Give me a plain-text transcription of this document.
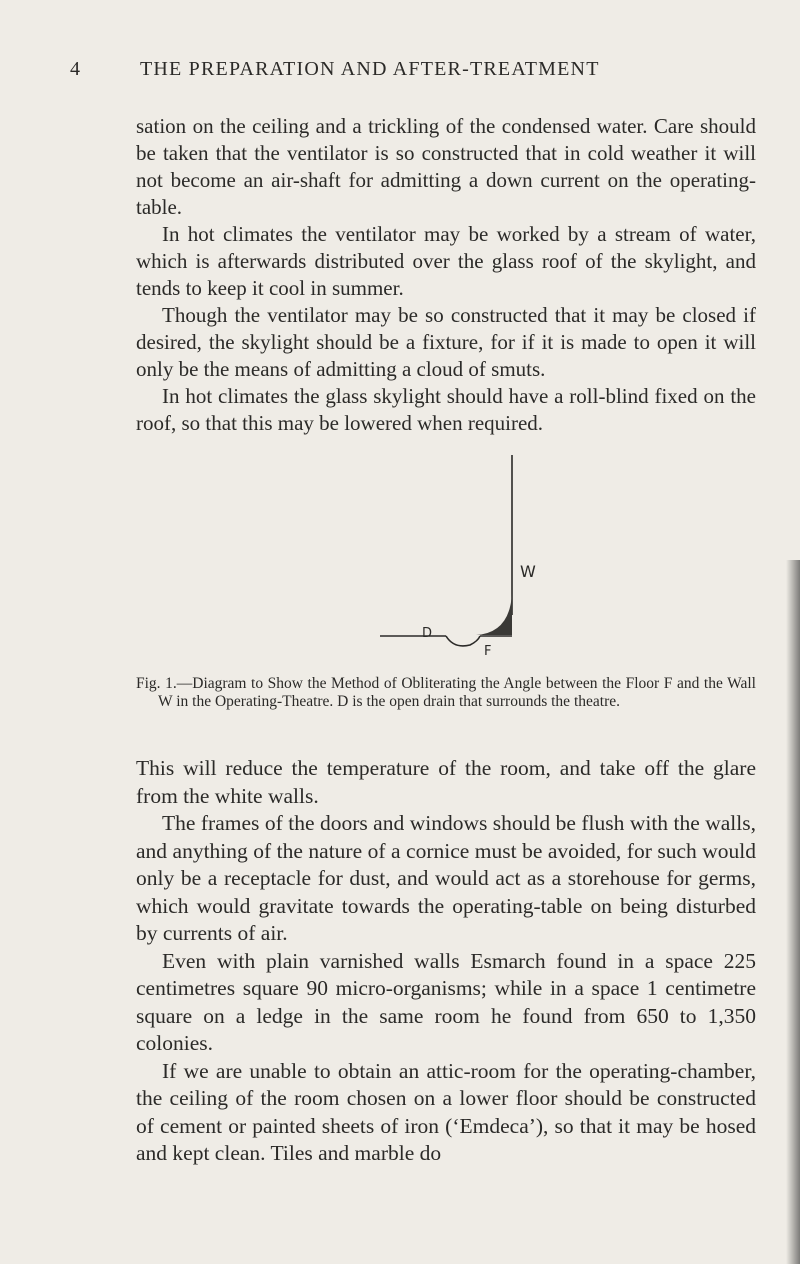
4	THE PREPARATION AND AFTER-TREATMENT

sation on the ceiling and a trickling of the condensed water. Care should be taken that the ventilator is so constructed that in cold weather it will not become an air-shaft for admitting a down current on the operating-table.

In hot climates the ventilator may be worked by a stream of water, which is afterwards distributed over the glass roof of the skylight, and tends to keep it cool in summer.

Though the ventilator may be so constructed that it may be closed if desired, the skylight should be a fixture, for if it is made to open it will only be the means of admitting a cloud of smuts.

In hot climates the glass skylight should have a roll-blind fixed on the roof, so that this may be lowered when required.

W
D
F
Fig. 1.—Diagram to Show the Method of Obliterating the Angle between the Floor F and the Wall W in the Operating-Theatre. D is the open drain that surrounds the theatre.

This will reduce the temperature of the room, and take off the glare from the white walls.

The frames of the doors and windows should be flush with the walls, and anything of the nature of a cornice must be avoided, for such would only be a receptacle for dust, and would act as a storehouse for germs, which would gravitate towards the operating-table on being disturbed by currents of air.

Even with plain varnished walls Esmarch found in a space 225 centimetres square 90 micro-organisms; while in a space 1 centimetre square on a ledge in the same room he found from 650 to 1,350 colonies.

If we are unable to obtain an attic-room for the operating-chamber, the ceiling of the room chosen on a lower floor should be constructed of cement or painted sheets of iron (‘Emdeca’), so that it may be hosed and kept clean. Tiles and marble do
